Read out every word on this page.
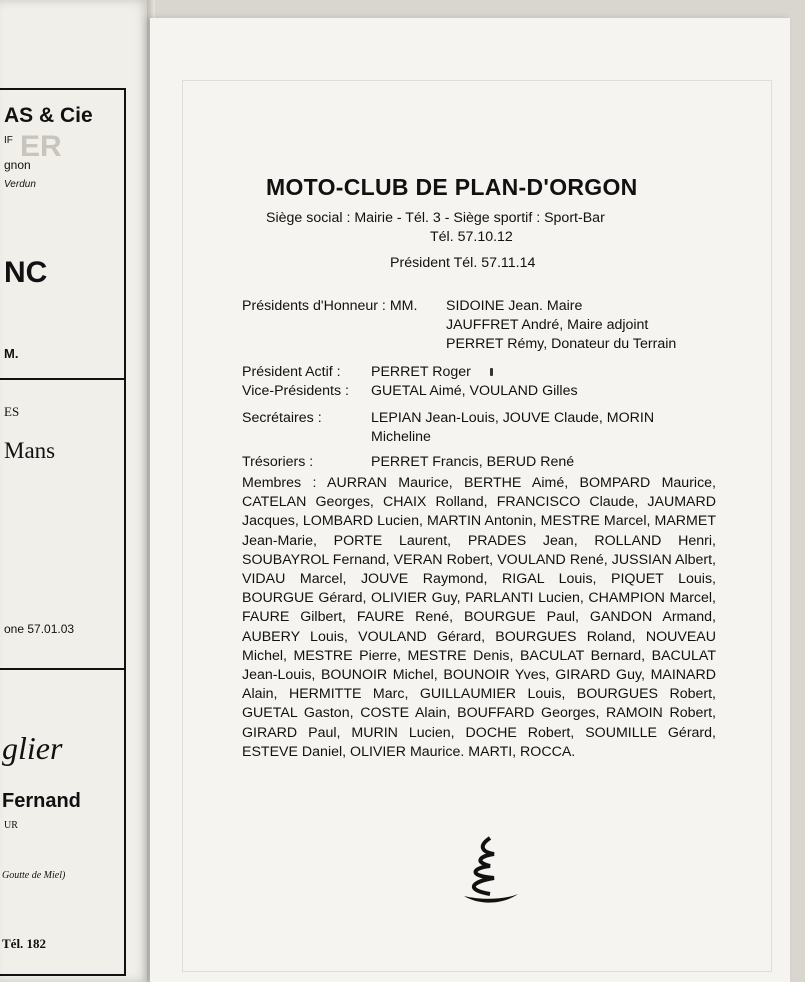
ER
AS & Cie
IF
gnon
Verdun
NC
M.
ES
Mans
one 57.01.03
glier
Fernand
UR
Goutte de Miel)
Tél. 182
MOTO-CLUB DE PLAN-D'ORGON
Siège social : Mairie - Tél. 3 - Siège sportif : Sport-Bar
Tél. 57.10.12
Président Tél. 57.11.14
Présidents d'Honneur : MM. SIDOINE Jean. Maire
JAUFFRET André, Maire adjoint
PERRET Rémy, Donateur du Terrain
Président Actif : PERRET Roger
Vice-Présidents : GUETAL Aimé, VOULAND Gilles
Secrétaires :	LEPIAN Jean-Louis, JOUVE Claude, MORIN
Micheline
Trésoriers :	PERRET Francis, BERUD René
Membres : AURRAN Maurice, BERTHE Aimé, BOMPARD Maurice, CATELAN Georges, CHAIX Rolland, FRANCISCO Claude, JAUMARD Jacques, LOMBARD Lucien, MARTIN Antonin, MESTRE Marcel, MARMET Jean-Marie, PORTE Laurent, PRADES Jean, ROLLAND Henri, SOUBAYROL Fernand, VERAN Robert, VOULAND René, JUSSIAN Albert, VIDAU Marcel, JOUVE Raymond, RIGAL Louis, PIQUET Louis, BOURGUE Gérard, OLIVIER Guy, PARLANTI Lucien, CHAMPION Marcel, FAURE Gilbert, FAURE René, BOURGUE Paul, GANDON Armand, AUBERY Louis, VOULAND Gérard, BOURGUES Roland, NOUVEAU Michel, MESTRE Pierre, MESTRE Denis, BACULAT Bernard, BACULAT Jean-Louis, BOUNOIR Michel, BOUNOIR Yves, GIRARD Guy, MAINARD Alain, HERMITTE Marc, GUILLAUMIER Louis, BOURGUES Robert, GUETAL Gaston, COSTE Alain, BOUFFARD Georges, RAMOIN Robert, GIRARD Paul, MURIN Lucien, DOCHE Robert, SOUMILLE Gérard, ESTEVE Daniel, OLIVIER Maurice. MARTI, ROCCA.
